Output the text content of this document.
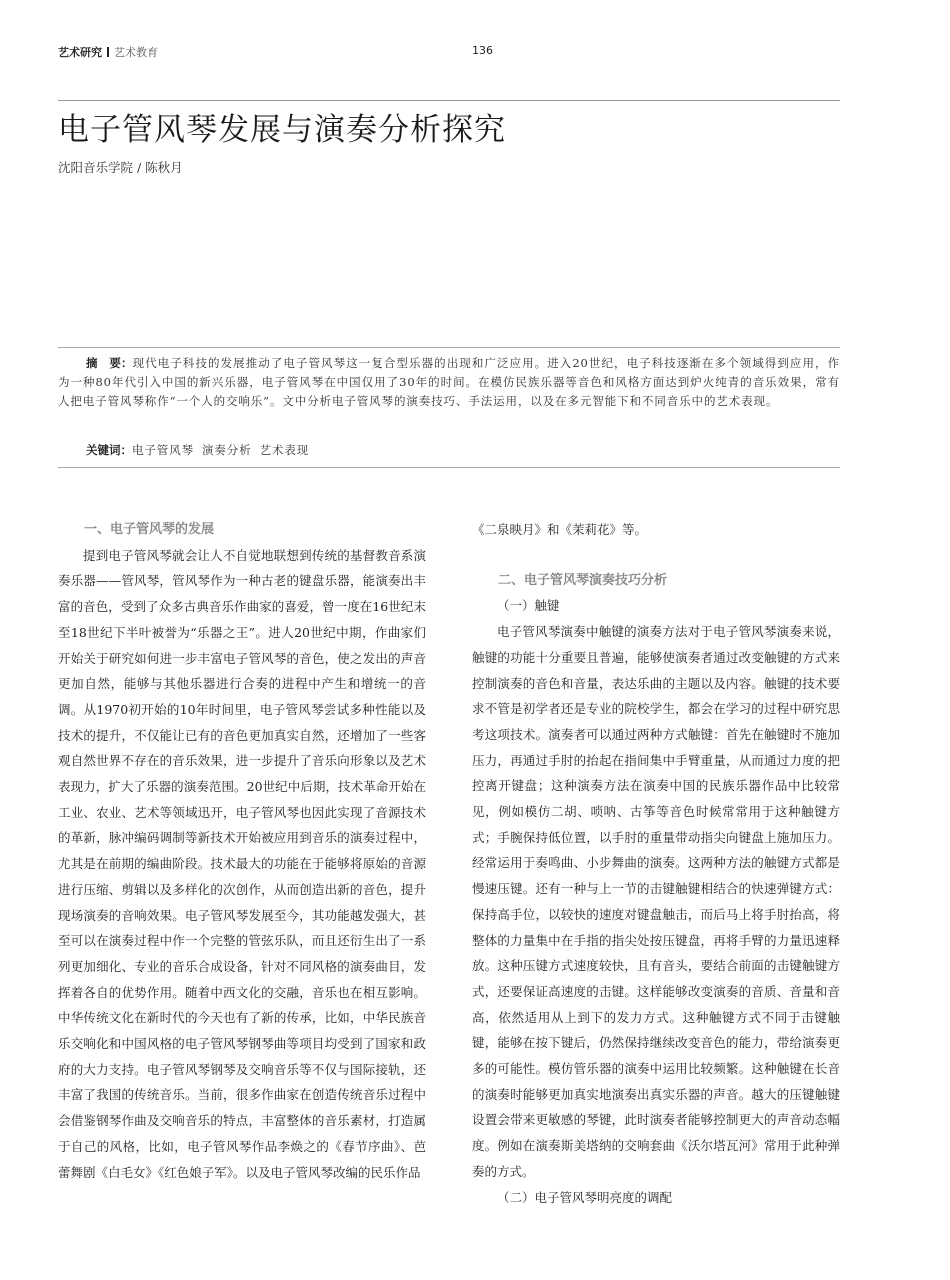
艺术研究 艺术教育	136
电子管风琴发展与演奏分析探究
沈阳音乐学院 / 陈秋月
摘　要：现代电子科技的发展推动了电子管风琴这一复合型乐器的出现和广泛应用。进入20世纪，电子科技逐渐在多个领域得到应用，作为一种80年代引入中国的新兴乐器，电子管风琴在中国仅用了30年的时间。在模仿民族乐器等音色和风格方面达到炉火纯青的音乐效果，常有人把电子管风琴称作“一个人的交响乐”。文中分析电子管风琴的演奏技巧、手法运用，以及在多元智能下和不同音乐中的艺术表现。
关键词：电子管风琴 演奏分析 艺术表现
一、电子管风琴的发展

提到电子管风琴就会让人不自觉地联想到传统的基督教音系演奏乐器——管风琴，管风琴作为一种古老的键盘乐器，能演奏出丰富的音色，受到了众多古典音乐作曲家的喜爱，曾一度在16世纪末至18世纪下半叶被誉为“乐器之王”。进人20世纪中期，作曲家们开始关于研究如何进一步丰富电子管风琴的音色，使之发出的声音更加自然，能够与其他乐器进行合奏的进程中产生和增统一的音调。从1970初开始的10年时间里，电子管风琴尝试多种性能以及技术的提升，不仅能让已有的音色更加真实自然，还增加了一些客观自然世界不存在的音乐效果，进一步提升了音乐向形象以及艺术表现力，扩大了乐器的演奏范围。20世纪中后期，技术革命开始在工业、农业、艺术等领域迅开，电子管风琴也因此实现了音源技术的革新，脉冲编码调制等新技术开始被应用到音乐的演奏过程中，尤其是在前期的编曲阶段。技术最大的功能在于能够将原始的音源进行压缩、剪辑以及多样化的次创作，从而创造出新的音色，提升现场演奏的音响效果。电子管风琴发展至今，其功能越发强大，甚至可以在演奏过程中作一个完整的管弦乐队，而且还衍生出了一系列更加细化、专业的音乐合成设备，针对不同风格的演奏曲目，发挥着各自的优势作用。随着中西文化的交融，音乐也在相互影响。中华传统文化在新时代的今天也有了新的传承，比如，中华民族音乐交响化和中国风格的电子管风琴钢琴曲等项目均受到了国家和政府的大力支持。电子管风琴钢琴及交响音乐等不仅与国际接轨，还丰富了我国的传统音乐。当前，很多作曲家在创造传统音乐过程中会借鉴钢琴作曲及交响音乐的特点，丰富整体的音乐素材，打造属于自己的风格，比如，电子管风琴作品李焕之的《春节序曲》、芭蕾舞剧《白毛女》《红色娘子军》。以及电子管风琴改编的民乐作品

《二泉映月》和《茉莉花》等。

二、电子管风琴演奏技巧分析
（一）触键

电子管风琴演奏中触键的演奏方法对于电子管风琴演奏来说，触键的功能十分重要且普遍，能够使演奏者通过改变触键的方式来控制演奏的音色和音量，表达乐曲的主题以及内容。触键的技术要求不管是初学者还是专业的院校学生，都会在学习的过程中研究思考这项技术。演奏者可以通过两种方式触键：首先在触键时不施加压力，再通过手肘的抬起在指间集中手臂重量，从而通过力度的把控离开键盘；这种演奏方法在演奏中国的民族乐器作品中比较常见，例如模仿二胡、唢呐、古筝等音色时候常常用于这种触键方式；手腕保持低位置，以手肘的重量带动指尖向键盘上施加压力。经常运用于奏鸣曲、小步舞曲的演奏。这两种方法的触键方式都是慢速压键。还有一种与上一节的击键触键相结合的快速弹键方式：保持高手位，以较快的速度对键盘触击，而后马上将手肘抬高，将整体的力量集中在手指的指尖处按压键盘，再将手臂的力量迅速释放。这种压键方式速度较快，且有音头，要结合前面的击键触键方式，还要保证高速度的击键。这样能够改变演奏的音质、音量和音高，依然适用从上到下的发力方式。这种触键方式不同于击键触键，能够在按下键后，仍然保持继续改变音色的能力，带给演奏更多的可能性。模仿管乐器的演奏中运用比较频繁。这种触键在长音的演奏时能够更加真实地演奏出真实乐器的声音。越大的压键触键设置会带来更敏感的琴键，此时演奏者能够控制更大的声音动态幅度。例如在演奏斯美塔纳的交响套曲《沃尔塔瓦河》常用于此种弹奏的方式。

（二）电子管风琴明亮度的调配
